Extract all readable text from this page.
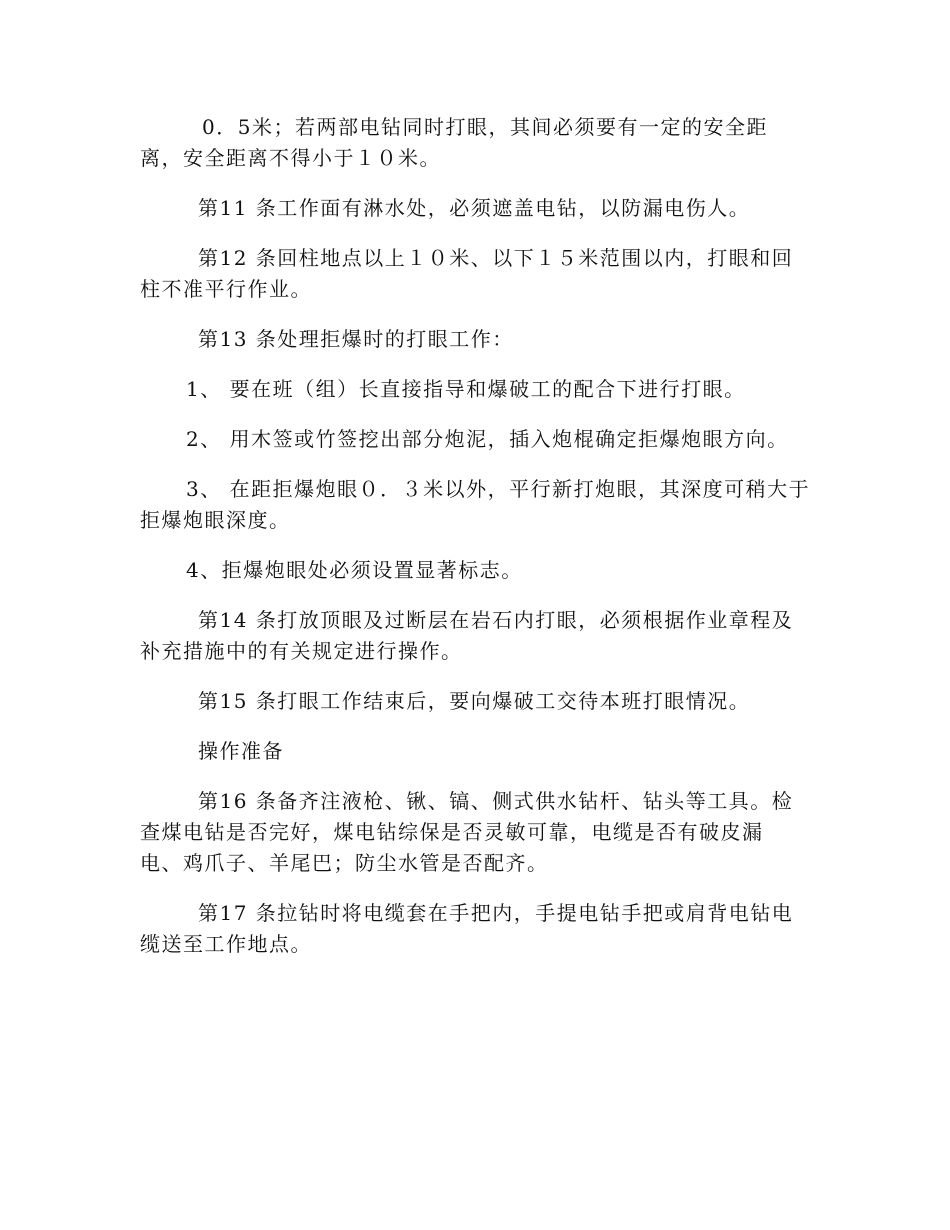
0．5米；若两部电钻同时打眼，其间必须要有一定的安全距
离，安全距离不得小于１０米。

第11 条工作面有淋水处，必须遮盖电钻，以防漏电伤人。

第12 条回柱地点以上１０米、以下１５米范围以内，打眼和回
柱不准平行作业。

第13 条处理拒爆时的打眼工作：

1、 要在班（组）长直接指导和爆破工的配合下进行打眼。

2、 用木签或竹签挖出部分炮泥，插入炮棍确定拒爆炮眼方向。

3、 在距拒爆炮眼０．３米以外，平行新打炮眼，其深度可稍大于
拒爆炮眼深度。

4、拒爆炮眼处必须设置显著标志。

第14 条打放顶眼及过断层在岩石内打眼，必须根据作业章程及
补充措施中的有关规定进行操作。

第15 条打眼工作结束后，要向爆破工交待本班打眼情况。

操作准备

第16 条备齐注液枪、锹、镐、侧式供水钻杆、钻头等工具。检
查煤电钻是否完好，煤电钻综保是否灵敏可靠，电缆是否有破皮漏
电、鸡爪子、羊尾巴；防尘水管是否配齐。

第17 条拉钻时将电缆套在手把内，手提电钻手把或肩背电钻电
缆送至工作地点。
